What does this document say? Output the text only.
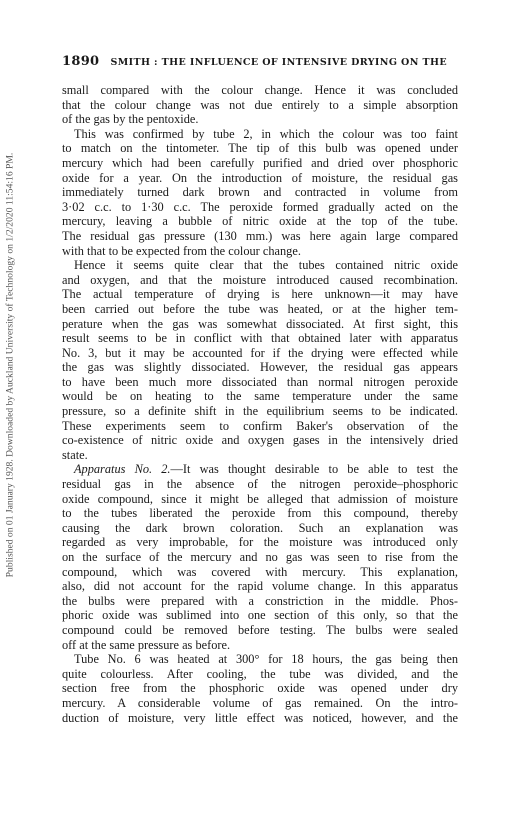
Published on 01 January 1928. Downloaded by Auckland University of Technology on 1/2/2020 11:54:16 PM.
1890 SMITH : THE INFLUENCE OF INTENSIVE DRYING ON THE
small compared with the colour change. Hence it was concluded
that the colour change was not due entirely to a simple absorption
of the gas by the pentoxide.
This was confirmed by tube 2, in which the colour was too faint
to match on the tintometer. The tip of this bulb was opened under
mercury which had been carefully purified and dried over phosphoric
oxide for a year. On the introduction of moisture, the residual gas
immediately turned dark brown and contracted in volume from
3·02 c.c. to 1·30 c.c. The peroxide formed gradually acted on the
mercury, leaving a bubble of nitric oxide at the top of the tube.
The residual gas pressure (130 mm.) was here again large compared
with that to be expected from the colour change.
Hence it seems quite clear that the tubes contained nitric oxide
and oxygen, and that the moisture introduced caused recombination.
The actual temperature of drying is here unknown—it may have
been carried out before the tube was heated, or at the higher tem-
perature when the gas was somewhat dissociated. At first sight, this
result seems to be in conflict with that obtained later with apparatus
No. 3, but it may be accounted for if the drying were effected while
the gas was slightly dissociated. However, the residual gas appears
to have been much more dissociated than normal nitrogen peroxide
would be on heating to the same temperature under the same
pressure, so a definite shift in the equilibrium seems to be indicated.
These experiments seem to confirm Baker's observation of the
co-existence of nitric oxide and oxygen gases in the intensively dried
state.
Apparatus No. 2.—It was thought desirable to be able to test the
residual gas in the absence of the nitrogen peroxide–phosphoric
oxide compound, since it might be alleged that admission of moisture
to the tubes liberated the peroxide from this compound, thereby
causing the dark brown coloration. Such an explanation was
regarded as very improbable, for the moisture was introduced only
on the surface of the mercury and no gas was seen to rise from the
compound, which was covered with mercury. This explanation,
also, did not account for the rapid volume change. In this apparatus
the bulbs were prepared with a constriction in the middle. Phos-
phoric oxide was sublimed into one section of this only, so that the
compound could be removed before testing. The bulbs were sealed
off at the same pressure as before.
Tube No. 6 was heated at 300° for 18 hours, the gas being then
quite colourless. After cooling, the tube was divided, and the
section free from the phosphoric oxide was opened under dry
mercury. A considerable volume of gas remained. On the intro-
duction of moisture, very little effect was noticed, however, and the
